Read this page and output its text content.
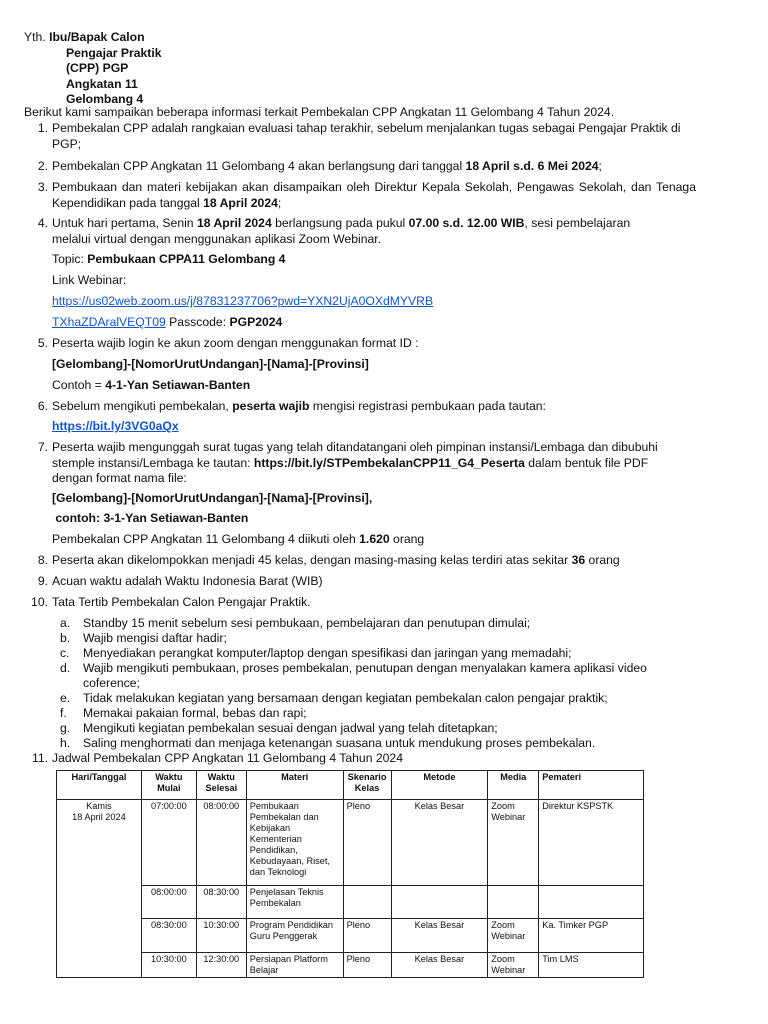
Yth. Ibu/Bapak Calon
Pengajar Praktik
(CPP) PGP
Angkatan 11
Gelombang 4
Berikut kami sampaikan beberapa informasi terkait Pembekalan CPP Angkatan 11 Gelombang 4 Tahun 2024.
1. Pembekalan CPP adalah rangkaian evaluasi tahap terakhir, sebelum menjalankan tugas sebagai Pengajar Praktik di PGP;
2. Pembekalan CPP Angkatan 11 Gelombang 4 akan berlangsung dari tanggal 18 April s.d. 6 Mei 2024;
3. Pembukaan dan materi kebijakan akan disampaikan oleh Direktur Kepala Sekolah, Pengawas Sekolah, dan Tenaga Kependidikan pada tanggal 18 April 2024;
4. Untuk hari pertama, Senin 18 April 2024 berlangsung pada pukul 07.00 s.d. 12.00 WIB, sesi pembelajaran melalui virtual dengan menggunakan aplikasi Zoom Webinar.
Topic: Pembukaan CPPA11 Gelombang 4
Link Webinar:
https://us02web.zoom.us/j/87831237706?pwd=YXN2UjA0OXdMYVRB
TXhaZDAralVEQT09 Passcode: PGP2024
5. Peserta wajib login ke akun zoom dengan menggunakan format ID :
[Gelombang]-[NomorUrutUndangan]-[Nama]-[Provinsi]
Contoh = 4-1-Yan Setiawan-Banten
6. Sebelum mengikuti pembekalan, peserta wajib mengisi registrasi pembukaan pada tautan:
https://bit.ly/3VG0aQx
7. Peserta wajib mengunggah surat tugas yang telah ditandatangani oleh pimpinan instansi/Lembaga dan dibubuhi stemple instansi/Lembaga ke tautan: https://bit.ly/STPembekalanCPP11_G4_Peserta dalam bentuk file PDF dengan format nama file:
[Gelombang]-[NomorUrutUndangan]-[Nama]-[Provinsi],
contoh: 3-1-Yan Setiawan-Banten
Pembekalan CPP Angkatan 11 Gelombang 4 diikuti oleh 1.620 orang
8. Peserta akan dikelompokkan menjadi 45 kelas, dengan masing-masing kelas terdiri atas sekitar 36 orang
9. Acuan waktu adalah Waktu Indonesia Barat (WIB)
10. Tata Tertib Pembekalan Calon Pengajar Praktik.
a. Standby 15 menit sebelum sesi pembukaan, pembelajaran dan penutupan dimulai;
b. Wajib mengisi daftar hadir;
c. Menyediakan perangkat komputer/laptop dengan spesifikasi dan jaringan yang memadahi;
d. Wajib mengikuti pembukaan, proses pembekalan, penutupan dengan menyalakan kamera aplikasi video coference;
e. Tidak melakukan kegiatan yang bersamaan dengan kegiatan pembekalan calon pengajar praktik;
f. Memakai pakaian formal, bebas dan rapi;
g. Mengikuti kegiatan pembekalan sesuai dengan jadwal yang telah ditetapkan;
h. Saling menghormati dan menjaga ketenangan suasana untuk mendukung proses pembekalan.
11. Jadwal Pembekalan CPP Angkatan 11 Gelombang 4 Tahun 2024
Hari/Tanggal	Waktu Mulai	Waktu Selesai	Materi	Skenario Kelas	Metode	Media	Pemateri

Kamis
18 April 2024	07:00:00	08:00:00	Pembukaan Pembekalan dan Kebijakan Kementerian Pendidikan, Kebudayaan, Riset, dan Teknologi	Pleno	Kelas Besar	Zoom Webinar	Direktur KSPSTK
	08:00:00	08:30:00	Penjelasan Teknis Pembekalan				
	08:30:00	10:30:00	Program Pendidikan Guru Penggerak	Pleno	Kelas Besar	Zoom Webinar	Ka. Timker PGP
	10:30:00	12:30:00	Persiapan Platform Belajar	Pleno	Kelas Besar	Zoom Webinar	Tim LMS
